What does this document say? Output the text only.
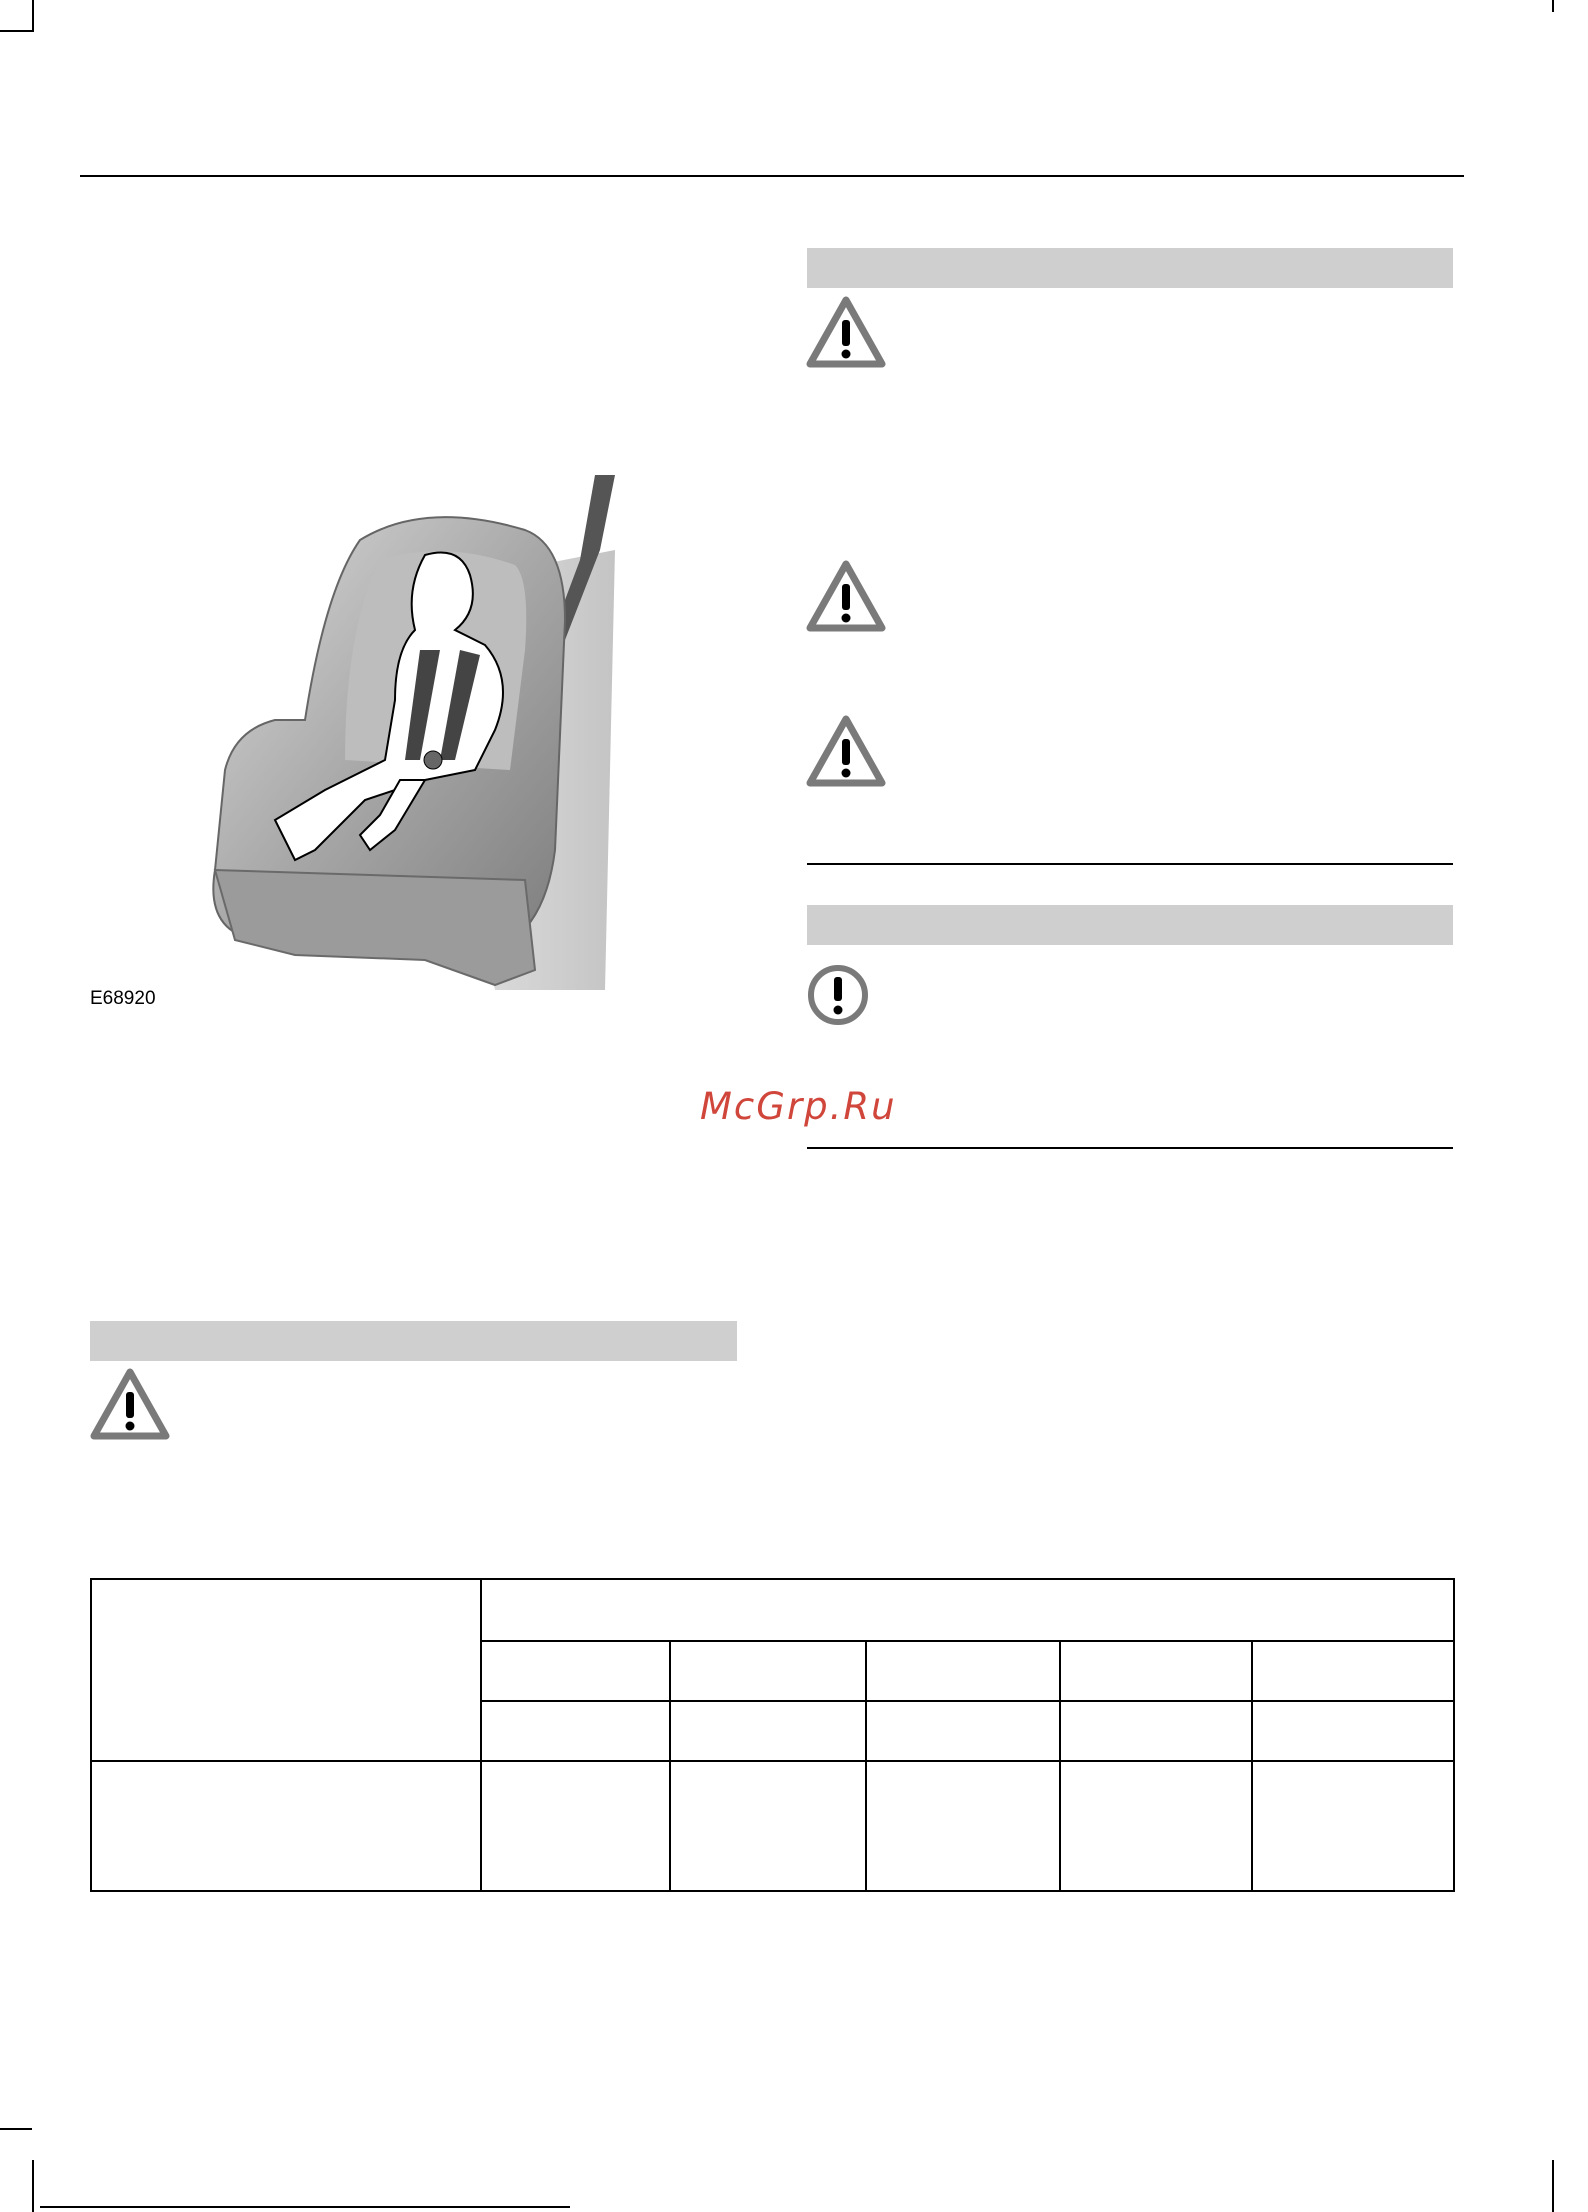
E68920
McGrp.Ru
